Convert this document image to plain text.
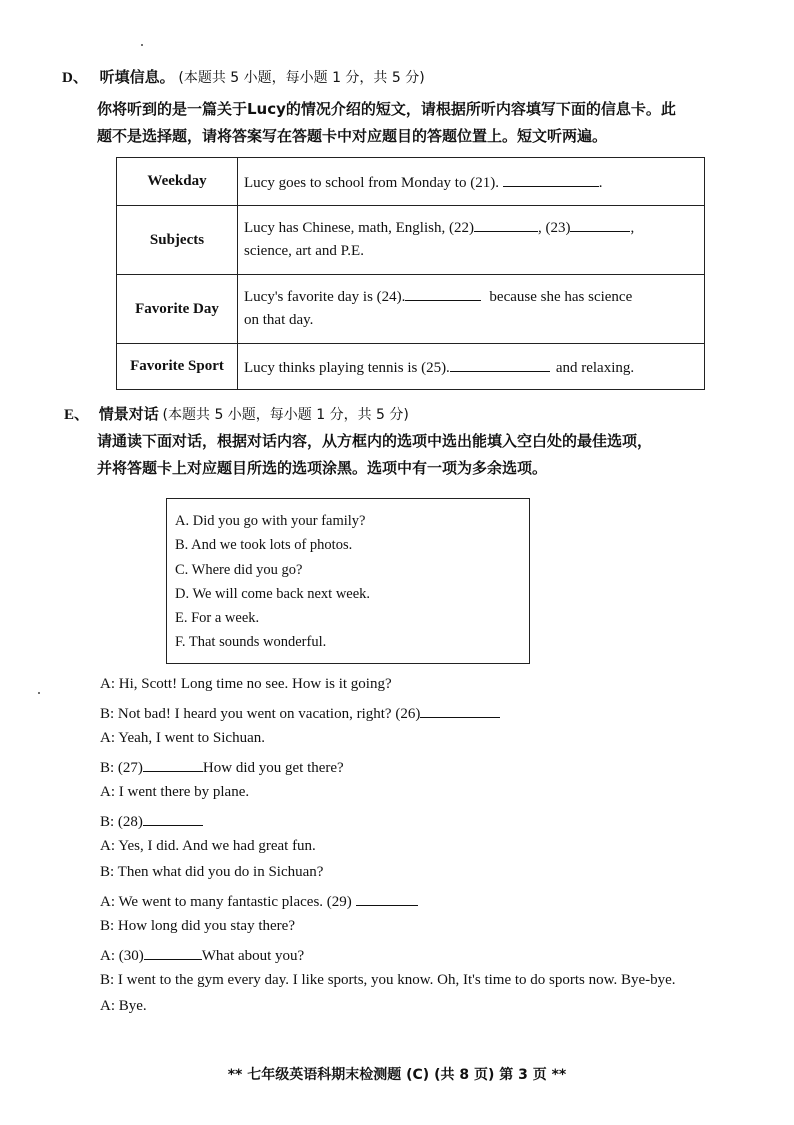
D、 听填信息。 (本题共 5 小题，每小题 1 分，共 5 分)
你将听到的是一篇关于Lucy的情况介绍的短文，请根据所听内容填写下面的信息卡。此
题不是选择题，请将答案写在答题卡中对应题目的答题位置上。短文听两遍。
Weekday	Lucy goes to school from Monday to (21). .
Subjects	Lucy has Chinese, math, English, (22) , (23) ,
science, art and P.E.
Favorite Day	Lucy's favorite day is (24). because she has science
on that day.
Favorite Sport	Lucy thinks playing tennis is (25). and relaxing.
E、 情景对话 (本题共 5 小题，每小题 1 分，共 5 分)
请通读下面对话，根据对话内容，从方框内的选项中选出能填入空白处的最佳选项，
并将答题卡上对应题目所选的选项涂黑。选项中有一项为多余选项。
A. Did you go with your family?
B. And we took lots of photos.
C. Where did you go?
D. We will come back next week.
E. For a week.
F. That sounds wonderful.
A: Hi, Scott! Long time no see. How is it going?
B: Not bad! I heard you went on vacation, right? (26)
A: Yeah, I went to Sichuan.
B: (27)	How did you get there?
A: I went there by plane.
B: (28)
A: Yes, I did. And we had great fun.
B: Then what did you do in Sichuan?
A: We went to many fantastic places. (29)
B: How long did you stay there?
A: (30)	What about you?
B: I went to the gym every day. I like sports, you know. Oh, It's time to do sports now. Bye-bye.
A: Bye.
** 七年级英语科期末检测题 (C) (共 8 页) 第 3 页 **
